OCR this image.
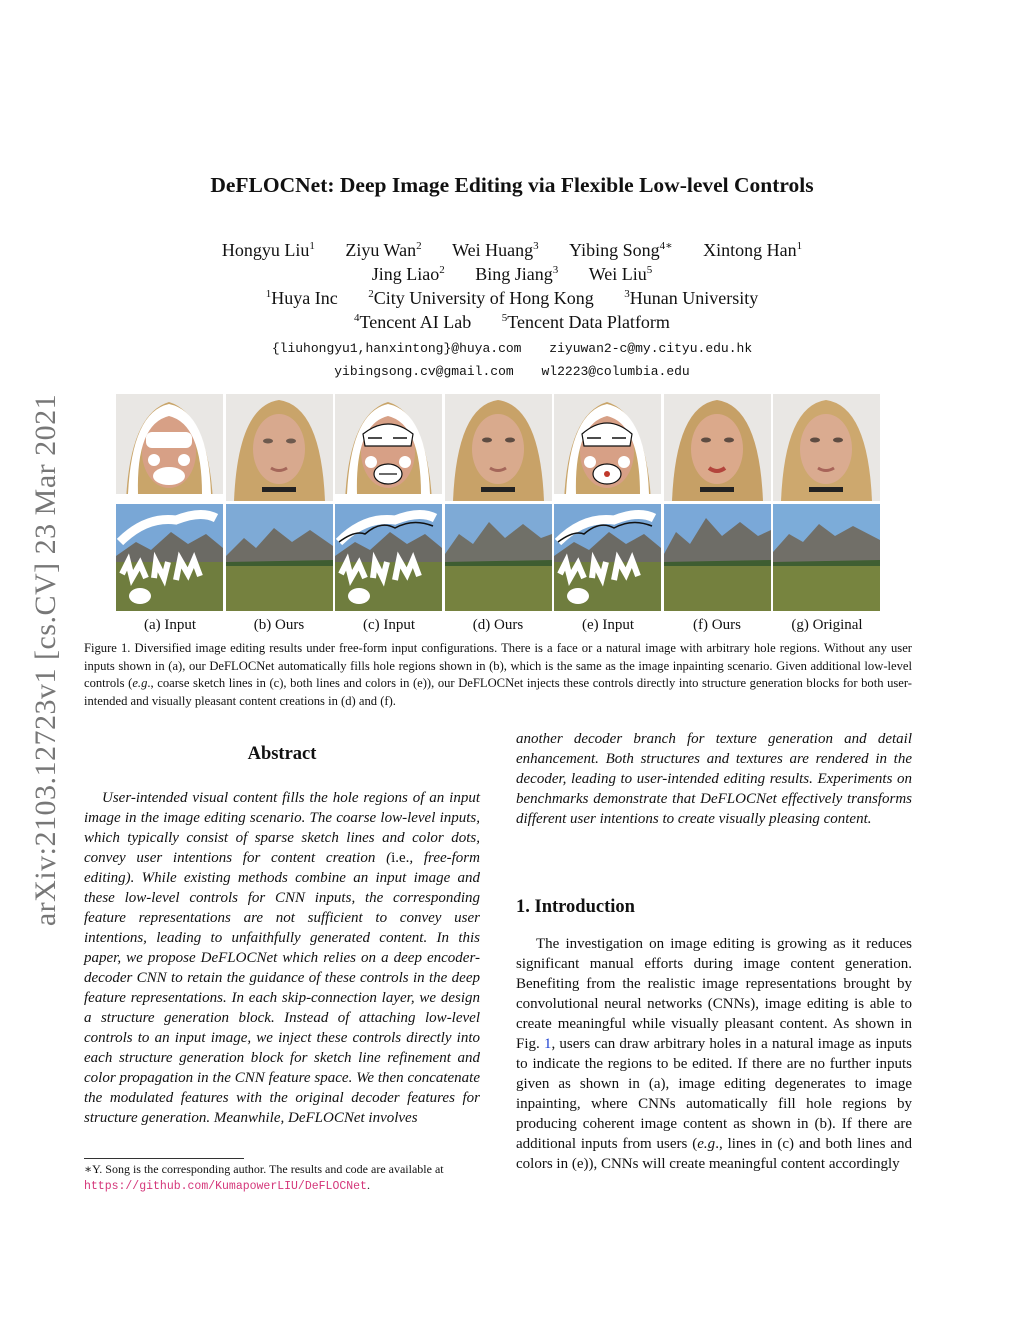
arXiv:2103.12723v1 [cs.CV] 23 Mar 2021
DeFLOCNet: Deep Image Editing via Flexible Low-level Controls
Hongyu Liu$^1$ Ziyu Wan$^2$ Wei Huang$^3$ Yibing Song$^{4∗}$ Xintong Han$^1$
Jing Liao$^2$ Bing Jiang$^3$ Wei Liu$^5$
$^1$Huya Inc	$^2$City University of Hong Kong	$^3$Hunan University
$^4$Tencent AI Lab	$^5$Tencent Data Platform
{liuhongyu1,hanxintong}@huya.com ziyuwan2-c@my.cityu.edu.hk
yibingsong.cv@gmail.com wl2223@columbia.edu
(a) Input	(b) Ours	(c) Input	(d) Ours	(e) Input	(f) Ours	(g) Original
Figure 1. Diversified image editing results under free-form input configurations. There is a face or a natural image with arbitrary hole regions. Without any user inputs shown in (a), our DeFLOCNet automatically fills hole regions shown in (b), which is the same as the image inpainting scenario. Given additional low-level controls (e.g., coarse sketch lines in (c), both lines and colors in (e)), our DeFLOCNet injects these controls directly into structure generation blocks for both user-intended and visually pleasant content creations in (d) and (f).
Abstract
User-intended visual content fills the hole regions of an input image in the image editing scenario. The coarse low-level inputs, which typically consist of sparse sketch lines and color dots, convey user intentions for content creation (i.e., free-form editing). While existing methods combine an input image and these low-level controls for CNN inputs, the corresponding feature representations are not sufficient to convey user intentions, leading to unfaithfully generated content. In this paper, we propose DeFLOCNet which relies on a deep encoder-decoder CNN to retain the guidance of these controls in the deep feature representations. In each skip-connection layer, we design a structure generation block. Instead of attaching low-level controls to an input image, we inject these controls directly into each structure generation block for sketch line refinement and color propagation in the CNN feature space. We then concatenate the modulated features with the original decoder features for structure generation. Meanwhile, DeFLOCNet involves
∗Y. Song is the corresponding author. The results and code are available at https://github.com/KumapowerLIU/DeFLOCNet.
another decoder branch for texture generation and detail enhancement. Both structures and textures are rendered in the decoder, leading to user-intended editing results. Experiments on benchmarks demonstrate that DeFLOCNet effectively transforms different user intentions to create visually pleasing content.
1. Introduction
The investigation on image editing is growing as it reduces significant manual efforts during image content generation. Benefiting from the realistic image representations brought by convolutional neural networks (CNNs), image editing is able to create meaningful while visually pleasant content. As shown in Fig. 1, users can draw arbitrary holes in a natural image as inputs to indicate the regions to be edited. If there are no further inputs given as shown in (a), image editing degenerates to image inpainting, where CNNs automatically fill hole regions by producing coherent image content as shown in (b). If there are additional inputs from users (e.g., lines in (c) and both lines and colors in (e)), CNNs will create meaningful content accordingly
